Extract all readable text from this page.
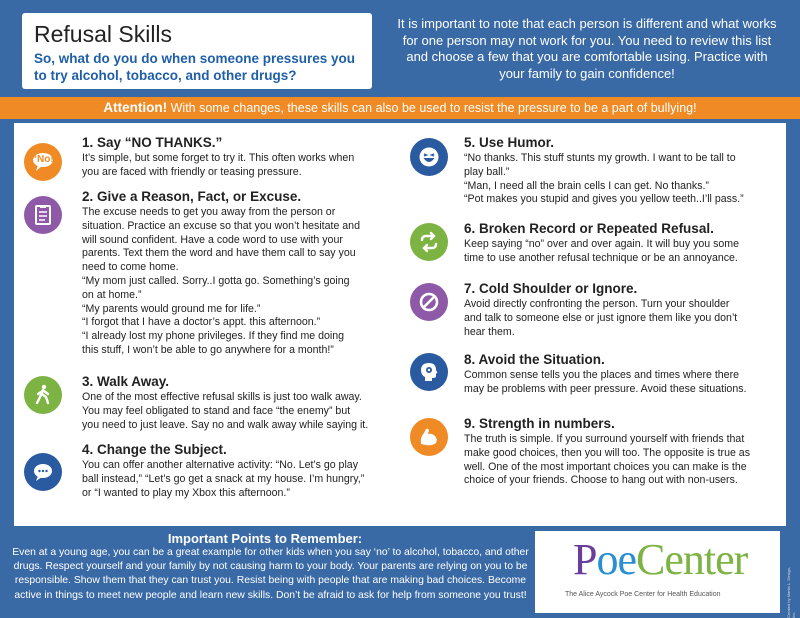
Refusal Skills
So, what do you do when someone pressures you to try alcohol, tobacco, and other drugs?
It is important to note that each person is different and what works for one person may not work for you. You need to review this list and choose a few that you are comfortable using. Practice with your family to gain confidence!
Attention! With some changes, these skills can also be used to resist the pressure to be a part of bullying!
“No!”
1. Say “NO THANKS.”
It’s simple, but some forget to try it. This often works when
you are faced with friendly or teasing pressure.
2. Give a Reason, Fact, or Excuse.
The excuse needs to get you away from the person or
situation. Practice an excuse so that you won’t hesitate and
will sound confident. Have a code word to use with your
parents. Text them the word and have them call to say you
need to come home.
“My mom just called. Sorry..I gotta go. Something’s going
on at home.”
“My parents would ground me for life.”
“I forgot that I have a doctor’s appt. this afternoon.”
“I already lost my phone privileges. If they find me doing
this stuff, I won’t be able to go anywhere for a month!”
3. Walk Away.
One of the most effective refusal skills is just too walk away.
You may feel obligated to stand and face “the enemy” but
you need to just leave. Say no and walk away while saying it.
4. Change the Subject.
You can offer another alternative activity: “No. Let’s go play
ball instead,” “Let’s go get a snack at my house. I’m hungry,”
or “I wanted to play my Xbox this afternoon.”
5. Use Humor.
“No thanks. This stuff stunts my growth. I want to be tall to
play ball.”
“Man, I need all the brain cells I can get. No thanks.”
“Pot makes you stupid and gives you yellow teeth..I’ll pass.”
6. Broken Record or Repeated Refusal.
Keep saying “no” over and over again. It will buy you some
time to use another refusal technique or be an annoyance.
7. Cold Shoulder or Ignore.
Avoid directly confronting the person. Turn your shoulder
and talk to someone else or just ignore them like you don’t
hear them.
8. Avoid the Situation.
Common sense tells you the places and times where there
may be problems with peer pressure. Avoid these situations.
9. Strength in numbers.
The truth is simple. If you surround yourself with friends that
make good choices, then you will too. The opposite is true as
well. One of the most important choices you can make is the
choice of your friends. Choose to hang out with non-users.
Important Points to Remember:
Even at a young age, you can be a great example for other kids when you say ‘no’ to alcohol, tobacco, and other
drugs. Respect yourself and your family by not causing harm to your body. Your parents are relying on you to be
responsible. Show them that they can trust you. Resist being with people that are making bad choices. Become
active in things to meet new people and learn new skills. Don’t be afraid to ask for help from someone you trust!
PoeCenter
The Alice Aycock Poe Center for Health Education	Created by Martin L. Design, Inc.
